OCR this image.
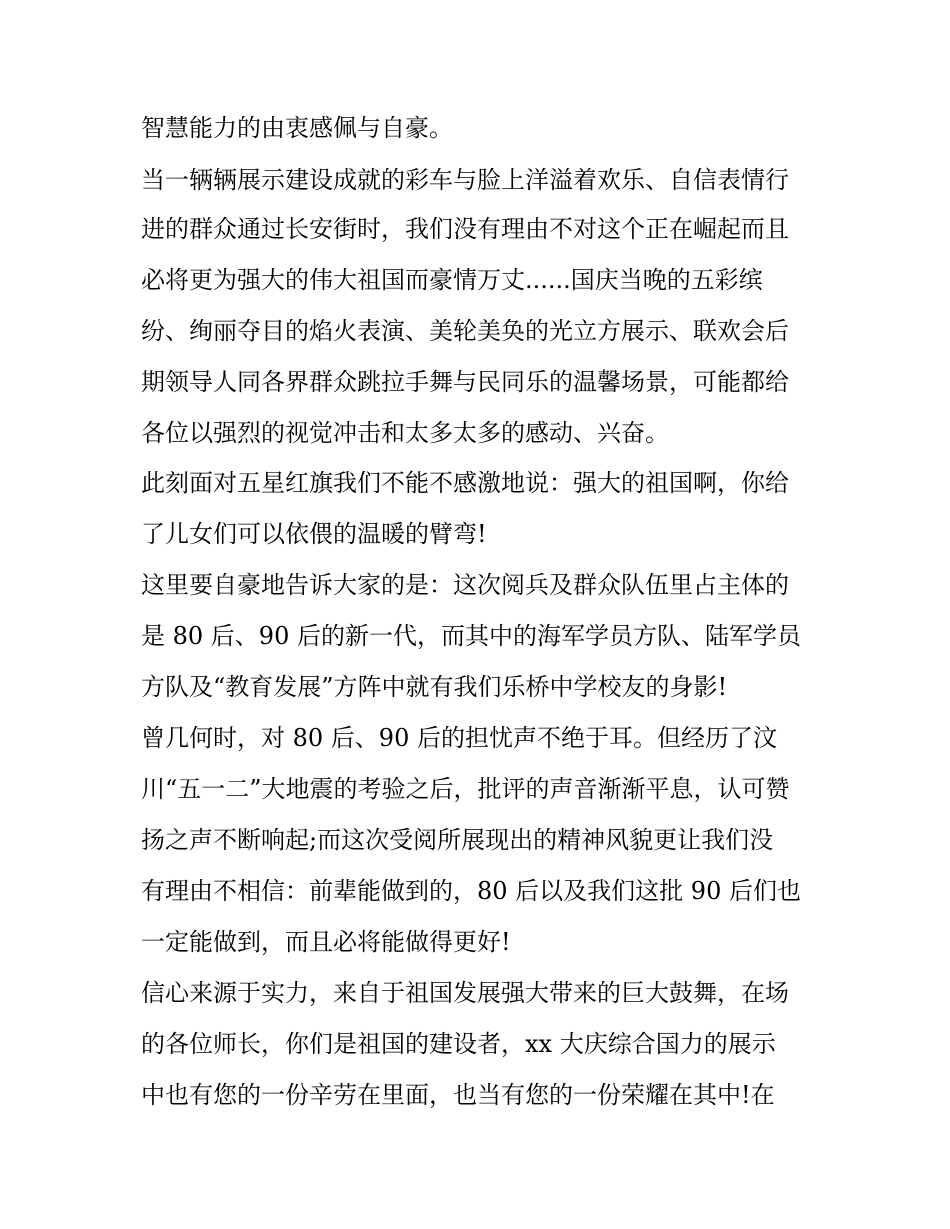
智慧能力的由衷感佩与自豪。
当一辆辆展示建设成就的彩车与脸上洋溢着欢乐、自信表情行
进的群众通过长安街时，我们没有理由不对这个正在崛起而且
必将更为强大的伟大祖国而豪情万丈......国庆当晚的五彩缤
纷、绚丽夺目的焰火表演、美轮美奂的光立方展示、联欢会后
期领导人同各界群众跳拉手舞与民同乐的温馨场景，可能都给
各位以强烈的视觉冲击和太多太多的感动、兴奋。
此刻面对五星红旗我们不能不感激地说：强大的祖国啊，你给
了儿女们可以依偎的温暖的臂弯!
这里要自豪地告诉大家的是：这次阅兵及群众队伍里占主体的
是 80 后、90 后的新一代，而其中的海军学员方队、陆军学员
方队及“教育发展”方阵中就有我们乐桥中学校友的身影!
曾几何时，对 80 后、90 后的担忧声不绝于耳。但经历了汶
川“五一二”大地震的考验之后，批评的声音渐渐平息，认可赞
扬之声不断响起;而这次受阅所展现出的精神风貌更让我们没
有理由不相信：前辈能做到的，80 后以及我们这批 90 后们也
一定能做到，而且必将能做得更好!
信心来源于实力，来自于祖国发展强大带来的巨大鼓舞，在场
的各位师长，你们是祖国的建设者，xx 大庆综合国力的展示
中也有您的一份辛劳在里面，也当有您的一份荣耀在其中!在
